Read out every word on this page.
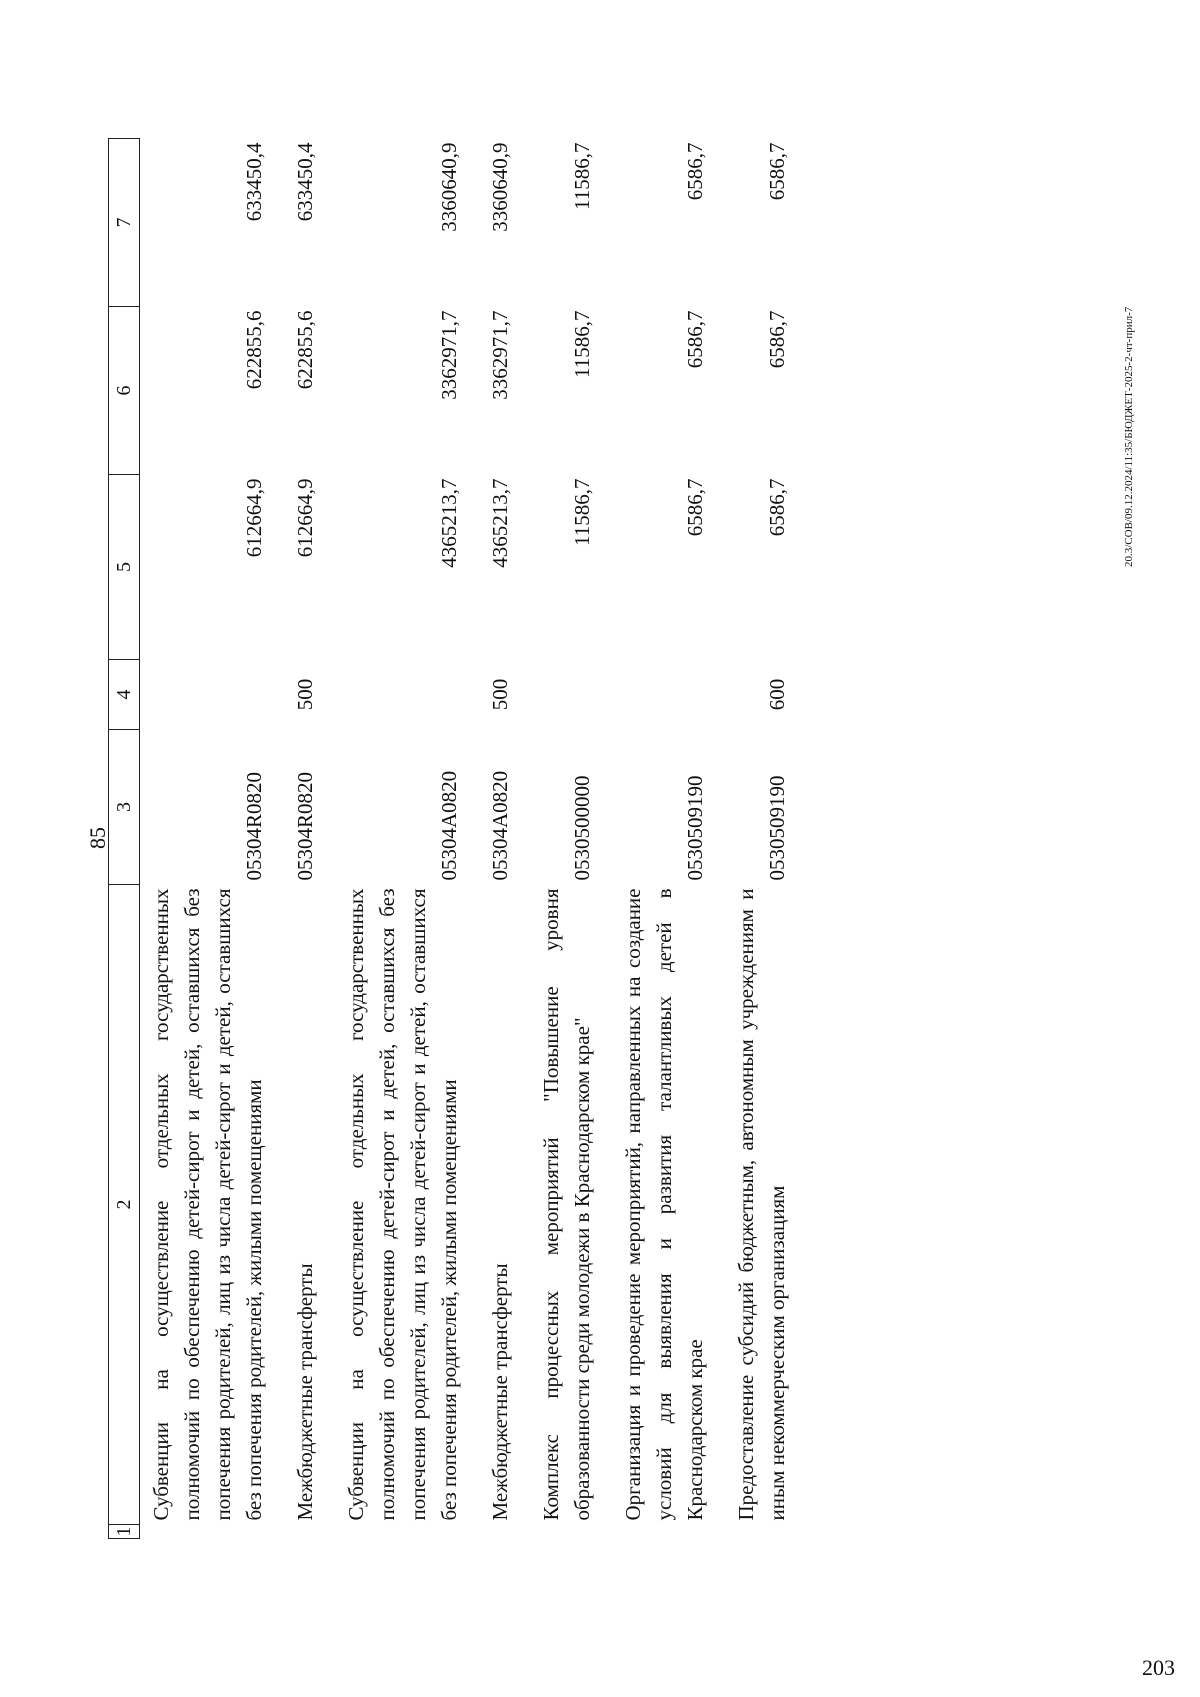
85
1	2	3	4	5	6	7
	Субвенции на осуществление отдельных государственных полномочий по обеспечению детей-сирот и детей, оставшихся без попечения родителей, лиц из числа детей-сирот и детей, оставшихся без попечения родителей, жилыми помещениями	05304R0820		612664,9	622855,6	633450,4
	Межбюджетные трансферты	05304R0820	500	612664,9	622855,6	633450,4
	Субвенции на осуществление отдельных государственных полномочий по обеспечению детей-сирот и детей, оставшихся без попечения родителей, лиц из числа детей-сирот и детей, оставшихся без попечения родителей, жилыми помещениями	05304A0820		4365213,7	3362971,7	3360640,9
	Межбюджетные трансферты	05304A0820	500	4365213,7	3362971,7	3360640,9
	Комплекс процессных мероприятий "Повышение уровня образованности среди молодежи в Краснодарском крае"	0530500000		11586,7	11586,7	11586,7
	Организация и проведение мероприятий, направленных на создание условий для выявления и развития талантливых детей в Краснодарском крае	0530509190		6586,7	6586,7	6586,7
	Предоставление субсидий бюджетным, автономным учреждениям и иным некоммерческим организациям	0530509190	600	6586,7	6586,7	6586,7
20.3/СОВ/09.12.2024/11:35/БЮДЖЕТ-2025-2-чт-прил-7
203
